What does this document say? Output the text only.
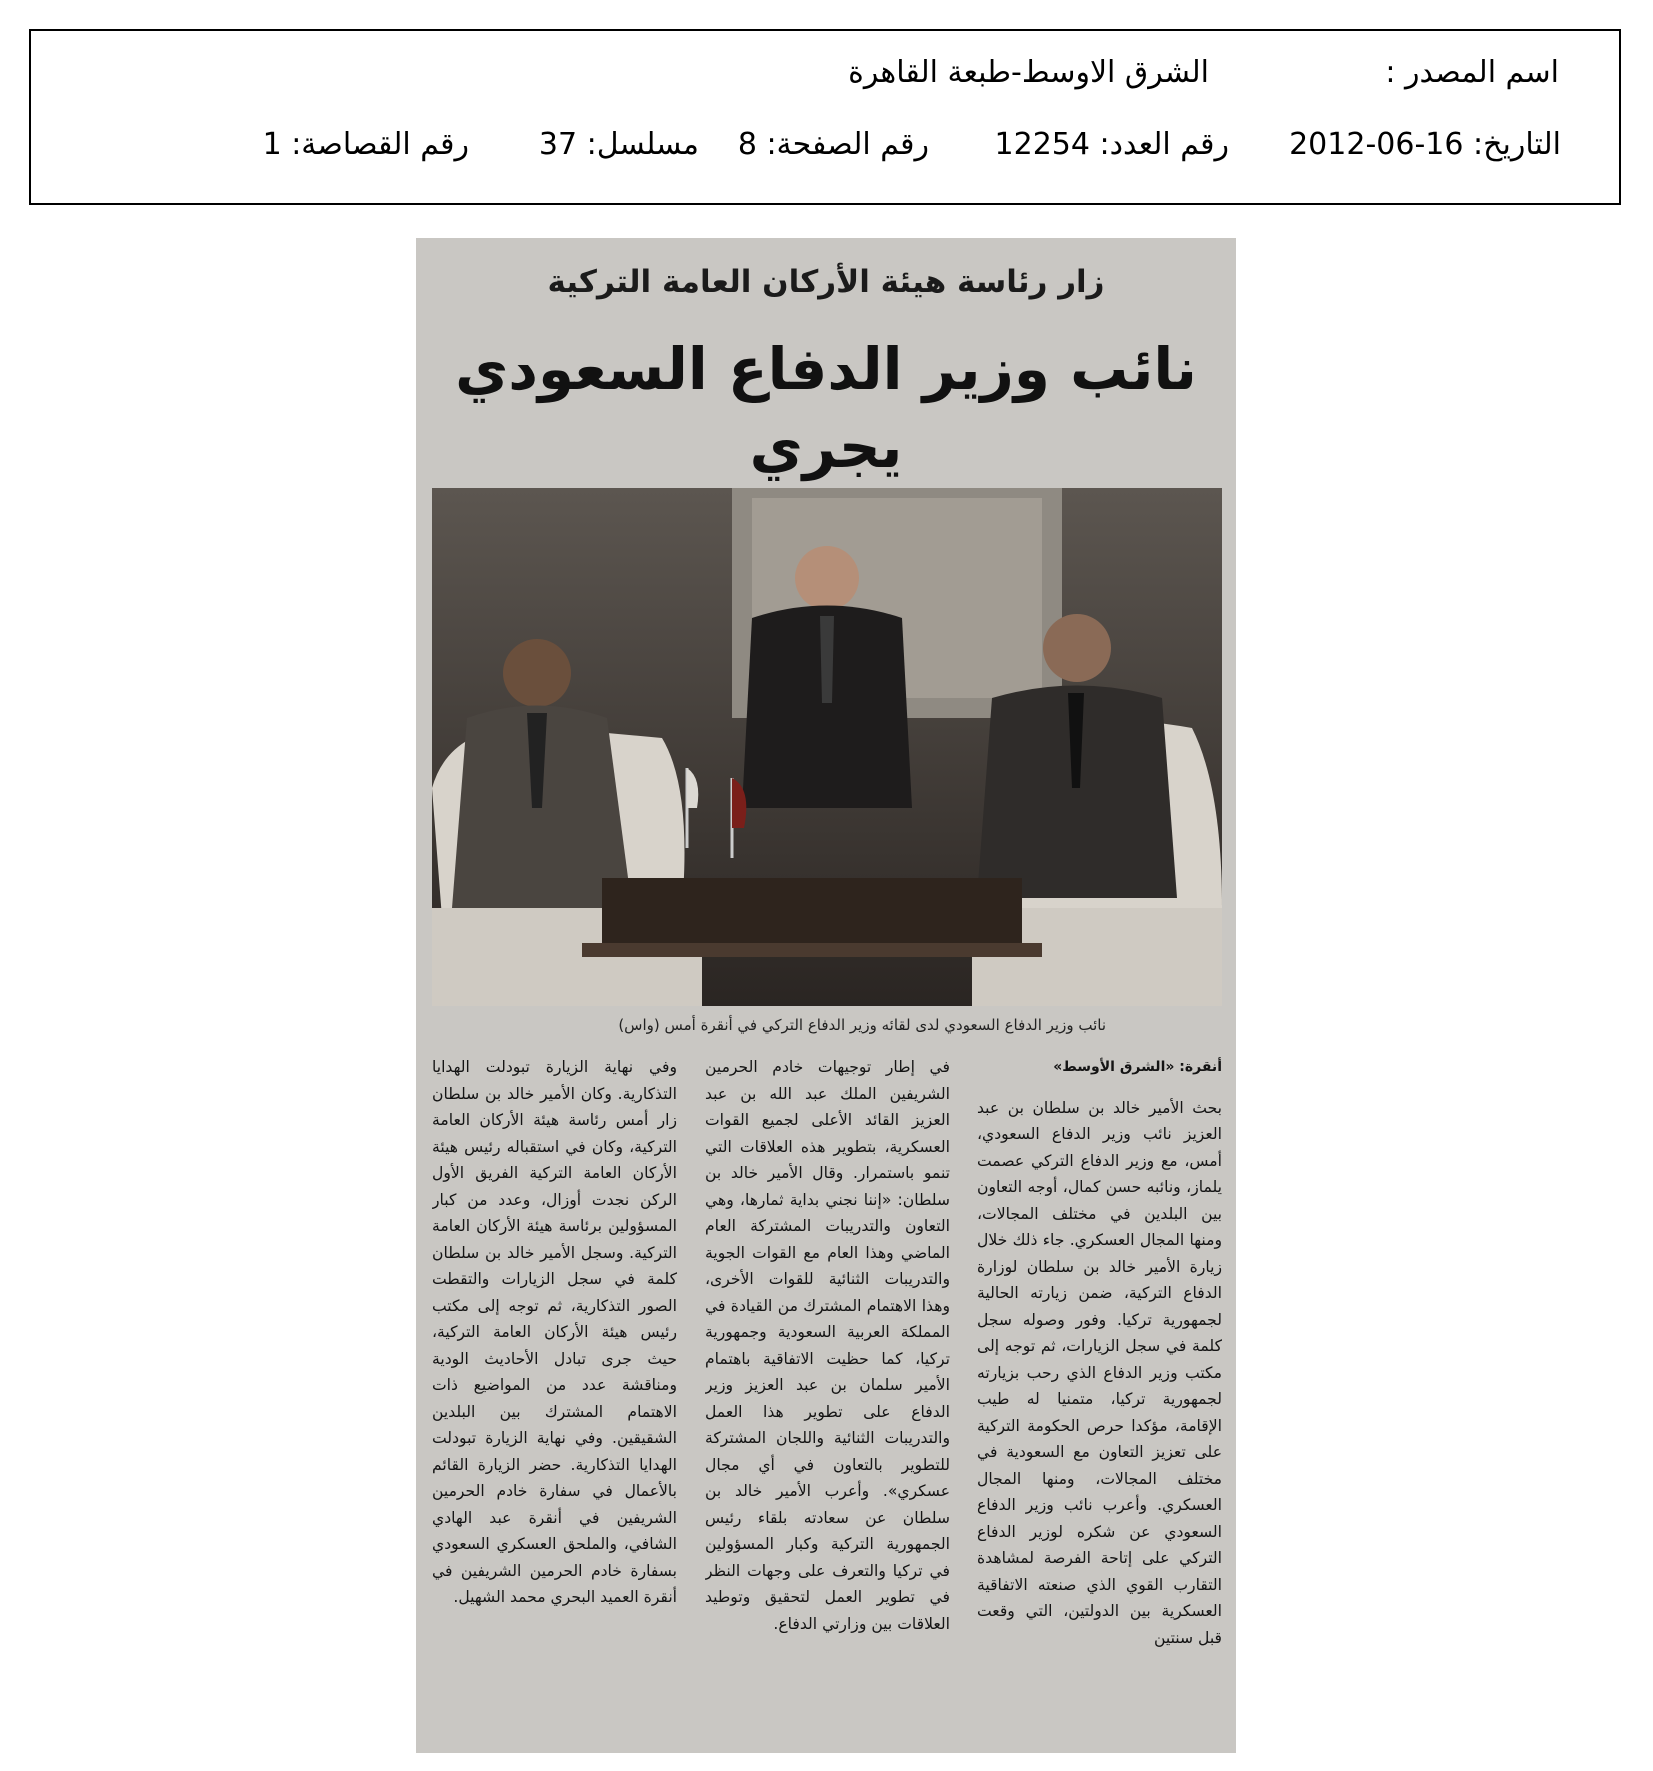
اسم المصدر :
الشرق الاوسط-طبعة القاهرة
التاريخ: 16-06-2012
رقم العدد: 12254
رقم الصفحة: 8
مسلسل: 37
رقم القصاصة: 1
زار رئاسة هيئة الأركان العامة التركية
نائب وزير الدفاع السعودي يجري
نائب وزير الدفاع السعودي لدى لقائه وزير الدفاع التركي في أنقرة أمس (واس)

أنقرة: «الشرق الأوسط»

بحث الأمير خالد بن سلطان بن عبد العزيز نائب وزير الدفاع السعودي، أمس، مع وزير الدفاع التركي عصمت يلماز، ونائبه حسن كمال، أوجه التعاون بين البلدين في مختلف المجالات، ومنها المجال العسكري. جاء ذلك خلال زيارة الأمير خالد بن سلطان لوزارة الدفاع التركية، ضمن زيارته الحالية لجمهورية تركيا. وفور وصوله سجل كلمة في سجل الزيارات، ثم توجه إلى مكتب وزير الدفاع الذي رحب بزيارته لجمهورية تركيا، متمنيا له طيب الإقامة، مؤكدا حرص الحكومة التركية على تعزيز التعاون مع السعودية في مختلف المجالات، ومنها المجال العسكري. وأعرب نائب وزير الدفاع السعودي عن شكره لوزير الدفاع التركي على إتاحة الفرصة لمشاهدة التقارب القوي الذي صنعته الاتفاقية العسكرية بين الدولتين، التي وقعت قبل سنتين

في إطار توجيهات خادم الحرمين الشريفين الملك عبد الله بن عبد العزيز القائد الأعلى لجميع القوات العسكرية، بتطوير هذه العلاقات التي تنمو باستمرار. وقال الأمير خالد بن سلطان: «إننا نجني بداية ثمارها، وهي التعاون والتدريبات المشتركة العام الماضي وهذا العام مع القوات الجوية والتدريبات الثنائية للقوات الأخرى، وهذا الاهتمام المشترك من القيادة في المملكة العربية السعودية وجمهورية تركيا، كما حظيت الاتفاقية باهتمام الأمير سلمان بن عبد العزيز وزير الدفاع على تطوير هذا العمل والتدريبات الثنائية واللجان المشتركة للتطوير بالتعاون في أي مجال عسكري». وأعرب الأمير خالد بن سلطان عن سعادته بلقاء رئيس الجمهورية التركية وكبار المسؤولين في تركيا والتعرف على وجهات النظر في تطوير العمل لتحقيق وتوطيد العلاقات بين وزارتي الدفاع.

وفي نهاية الزيارة تبودلت الهدايا التذكارية. وكان الأمير خالد بن سلطان زار أمس رئاسة هيئة الأركان العامة التركية، وكان في استقباله رئيس هيئة الأركان العامة التركية الفريق الأول الركن نجدت أوزال، وعدد من كبار المسؤولين برئاسة هيئة الأركان العامة التركية. وسجل الأمير خالد بن سلطان كلمة في سجل الزيارات والتقطت الصور التذكارية، ثم توجه إلى مكتب رئيس هيئة الأركان العامة التركية، حيث جرى تبادل الأحاديث الودية ومناقشة عدد من المواضيع ذات الاهتمام المشترك بين البلدين الشقيقين. وفي نهاية الزيارة تبودلت الهدايا التذكارية. حضر الزيارة القائم بالأعمال في سفارة خادم الحرمين الشريفين في أنقرة عبد الهادي الشافي، والملحق العسكري السعودي بسفارة خادم الحرمين الشريفين في أنقرة العميد البحري محمد الشهيل.
